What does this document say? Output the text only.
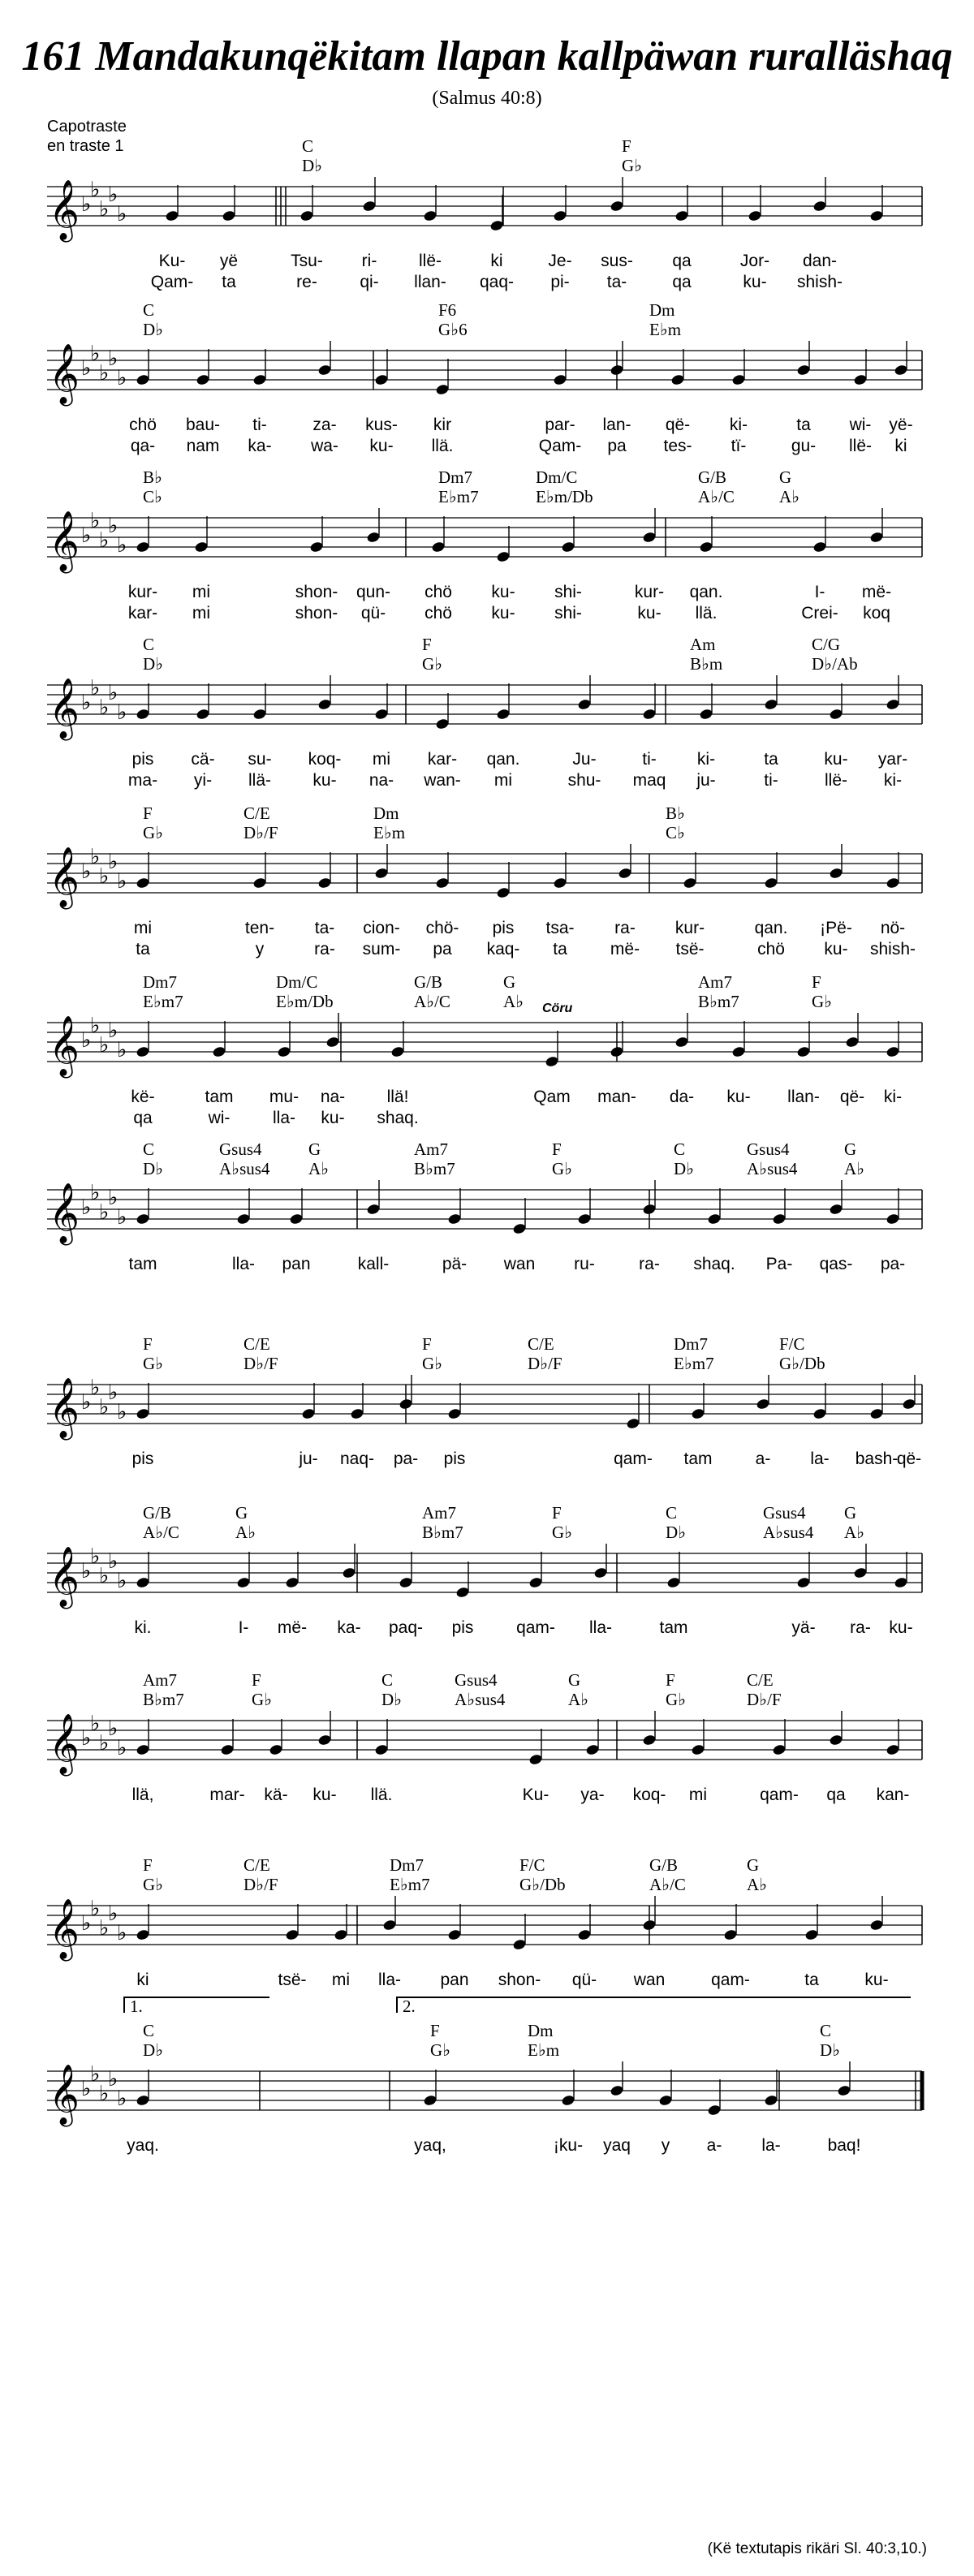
161 Mandakunqëkitam llapan kallpäwan ruralläshaq
(Salmus 40:8)
Capotraste
en traste 1	C
D♭
F
G♭
𝄞 ♭
♭
♭
♭
♭
Ku- yë	Tsu- ri- llë-	ki	Je- sus- qa	Jor- dan-
Qam- ta	re- qi- llan- qaq- pi- ta-	qa	ku- shish-
C
D♭
F6
G♭6
Dm
E♭m
𝄞 ♭
♭
♭
♭
♭
chö bau- ti-	za- kus- kir	par- lan- që- ki-	ta wi- yë-
qa- nam ka- wa- ku- llä.	Qam- pa tes- tï-	gu- llë- ki
B♭
C♭
Dm7
E♭m7
Dm/C
E♭m/Db
G/B
A♭/C
G
A♭
𝄞 ♭
♭
♭
♭
♭
kur- mi	shon- qun- chö ku- shi-	kur- qan.	I- më-
kar- mi	shon- qü- chö ku- shi-	ku- llä.	Crei- koq
C
D♭
F
G♭
Am
B♭m
C/G
D♭/Ab
𝄞 ♭
♭
♭
♭
♭
pis cä- su- koq- mi kar- qan.	Ju-	ti- ki-	ta	ku- yar-
ma- yi- llä- ku- na- wan- mi	shu- maq ju-	ti-	llë- ki-
F
G♭
C/E
D♭/F
Dm
E♭m
B♭
C♭
𝄞 ♭
♭
♭
♭
♭
mi	ten- ta- cion- chö- pis tsa- ra- kur-	qan. ¡Pë- nö-
ta	y	ra- sum- pa kaq- ta	më- tsë-	chö ku- shish-
Dm7
E♭m7
Dm/C
E♭m/Db
G/B
A♭/C
G
A♭
Am7
B♭m7
F
G♭
Cöru
𝄞 ♭
♭
♭
♭
♭
kë-	tam mu- na- llä!	Qam man- da- ku- llan- që- ki-
qa	wi-	lla- ku- shaq.
C
D♭
Gsus4
A♭sus4
G
A♭
Am7
B♭m7
F
G♭
C
D♭
Gsus4
A♭sus4
G
A♭
𝄞 ♭
♭
♭
♭
♭
tam	lla- pan	kall-	pä- wan ru-	ra- shaq. Pa- qas- pa-
F
G♭
C/E
D♭/F
F
G♭
C/E
D♭/F
Dm7
E♭m7
F/C
G♭/Db
𝄞 ♭
♭
♭
♭
♭
pis	ju- naq- pa- pis	qam- tam	a- la- bash-
që-
G/B
A♭/C
G
A♭
Am7
B♭m7
F
G♭
C
D♭
Gsus4
A♭sus4
G
A♭
𝄞 ♭
♭
♭
♭
♭
ki.	I- më- ka- paq- pis	qam- lla-	tam	yä- ra- ku-
Am7
B♭m7
F
G♭
C
D♭
Gsus4
A♭sus4
G
A♭
F
G♭
C/E
D♭/F
𝄞 ♭
♭
♭
♭
♭
llä,	mar- kä- ku- llä.	Ku- ya- koq- mi	qam- qa kan-
F
G♭
C/E
D♭/F
Dm7
E♭m7
F/C
G♭/Db
G/B
A♭/C
G
A♭
𝄞 ♭
♭
♭
♭
♭
ki	tsë- mi lla- pan shon- qü- wan	qam-	ta	ku-
C
D♭
F
G♭
Dm
E♭m
C
D♭
1.	2.
𝄞 ♭
♭
♭
♭
♭
yaq.	yaq,	¡ku- yaq y a- la-	baq!
(Kë textutapis rikäri Sl. 40:3,10.)
